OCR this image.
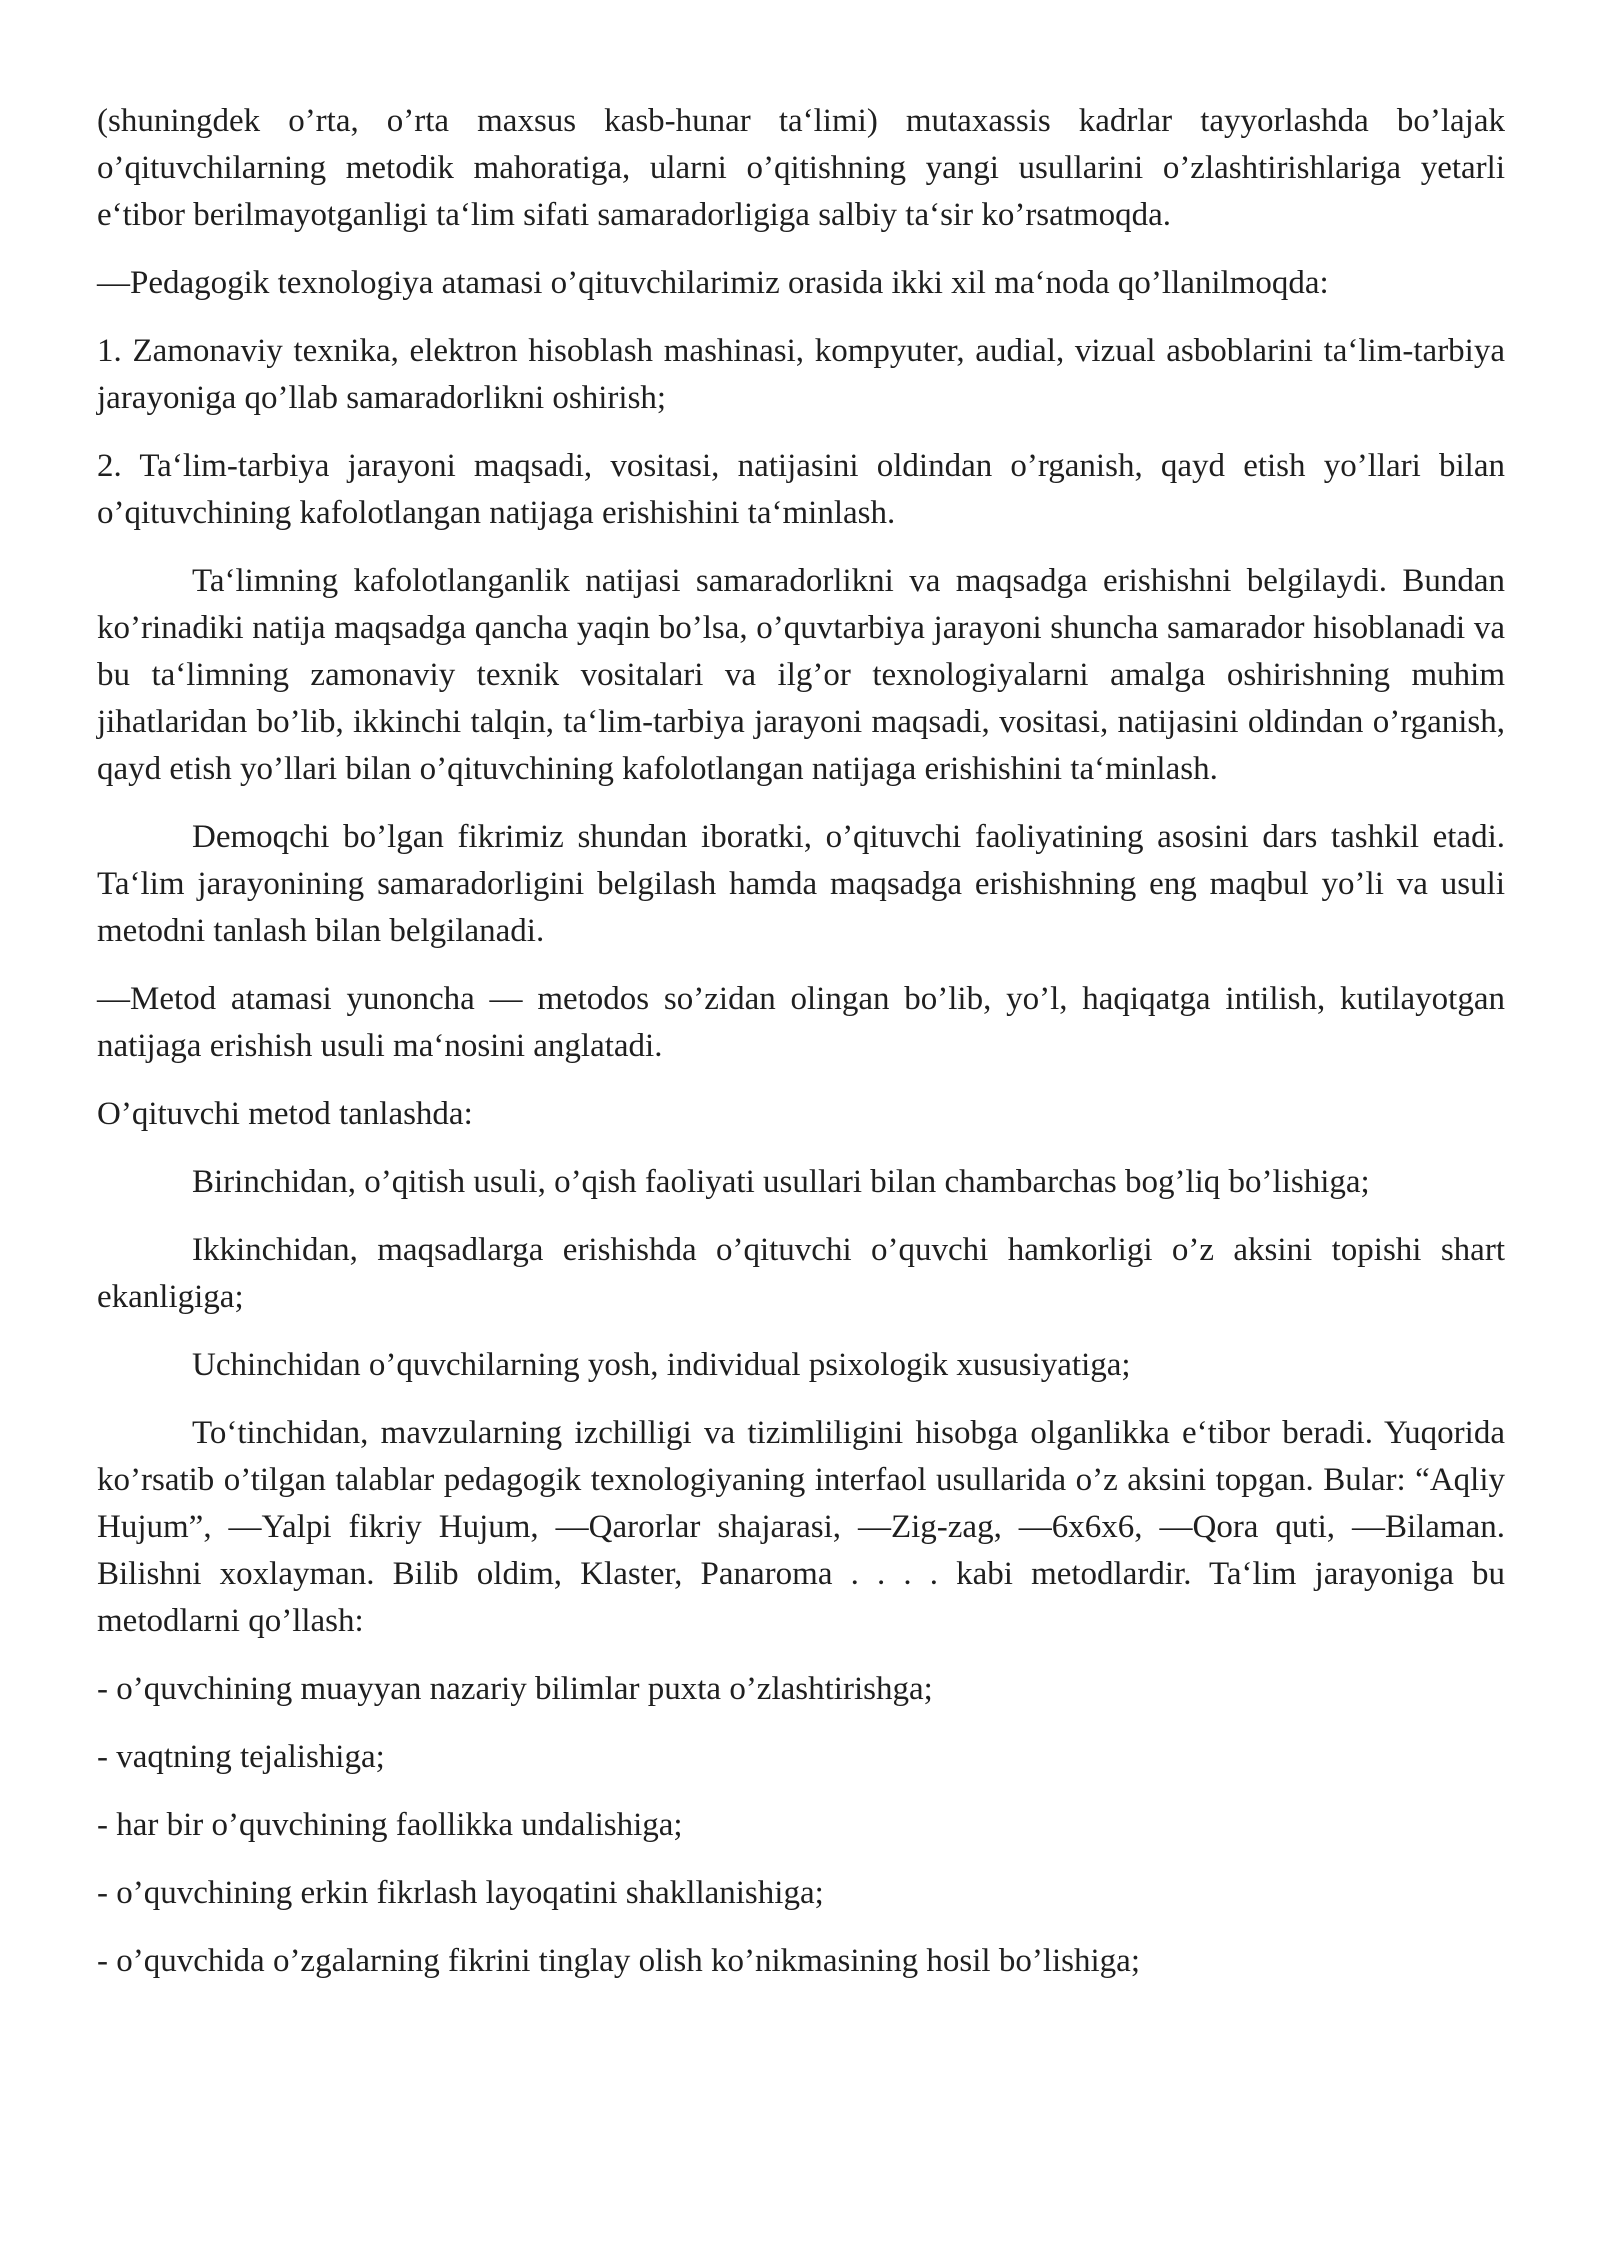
(shuningdek o’rta, o’rta maxsus kasb-hunar ta‘limi) mutaxassis kadrlar tayyorlashda bo’lajak o’qituvchilarning metodik mahoratiga, ularni o’qitishning yangi usullarini o’zlashtirishlariga yetarli e‘tibor berilmayotganligi ta‘lim sifati samaradorligiga salbiy ta‘sir ko’rsatmoqda.

―Pedagogik texnologiya atamasi o’qituvchilarimiz orasida ikki xil ma‘noda qo’llanilmoqda:

1. Zamonaviy texnika, elektron hisoblash mashinasi, kompyuter, audial, vizual asboblarini ta‘lim-tarbiya jarayoniga qo’llab samaradorlikni oshirish;

2. Ta‘lim-tarbiya jarayoni maqsadi, vositasi, natijasini oldindan o’rganish, qayd etish yo’llari bilan o’qituvchining kafolotlangan natijaga erishishini ta‘minlash.

Ta‘limning kafolotlanganlik natijasi samaradorlikni va maqsadga erishishni belgilaydi. Bundan ko’rinadiki natija maqsadga qancha yaqin bo’lsa, o’quvtarbiya jarayoni shuncha samarador hisoblanadi va bu ta‘limning zamonaviy texnik vositalari va ilg’or texnologiyalarni amalga oshirishning muhim jihatlaridan bo’lib, ikkinchi talqin, ta‘lim-tarbiya jarayoni maqsadi, vositasi, natijasini oldindan o’rganish, qayd etish yo’llari bilan o’qituvchining kafolotlangan natijaga erishishini ta‘minlash.

Demoqchi bo’lgan fikrimiz shundan iboratki, o’qituvchi faoliyatining asosini dars tashkil etadi. Ta‘lim jarayonining samaradorligini belgilash hamda maqsadga erishishning eng maqbul yo’li va usuli metodni tanlash bilan belgilanadi.

―Metod atamasi yunoncha — metodos so’zidan olingan bo’lib, yo’l, haqiqatga intilish, kutilayotgan natijaga erishish usuli ma‘nosini anglatadi.

O’qituvchi metod tanlashda:

Birinchidan, o’qitish usuli, o’qish faoliyati usullari bilan chambarchas bog’liq bo’lishiga;

Ikkinchidan, maqsadlarga erishishda o’qituvchi o’quvchi hamkorligi o’z aksini topishi shart ekanligiga;

Uchinchidan o’quvchilarning yosh, individual psixologik xususiyatiga;

To‘tinchidan, mavzularning izchilligi va tizimliligini hisobga olganlikka e‘tibor beradi. Yuqorida ko’rsatib o’tilgan talablar pedagogik texnologiyaning interfaol usullarida o’z aksini topgan. Bular: “Aqliy Hujum”, ―Yalpi fikriy Hujum, ―Qarorlar shajarasi, ―Zig-zag, ―6x6x6, ―Qora quti, ―Bilaman. Bilishni xoxlayman. Bilib oldim, Klaster, Panaroma . . . . kabi metodlardir. Ta‘lim jarayoniga bu metodlarni qo’llash:

- o’quvchining muayyan nazariy bilimlar puxta o’zlashtirishga;
- vaqtning tejalishiga;
- har bir o’quvchining faollikka undalishiga;
- o’quvchining erkin fikrlash layoqatini shakllanishiga;
- o’quvchida o’zgalarning fikrini tinglay olish ko’nikmasining hosil bo’lishiga;
